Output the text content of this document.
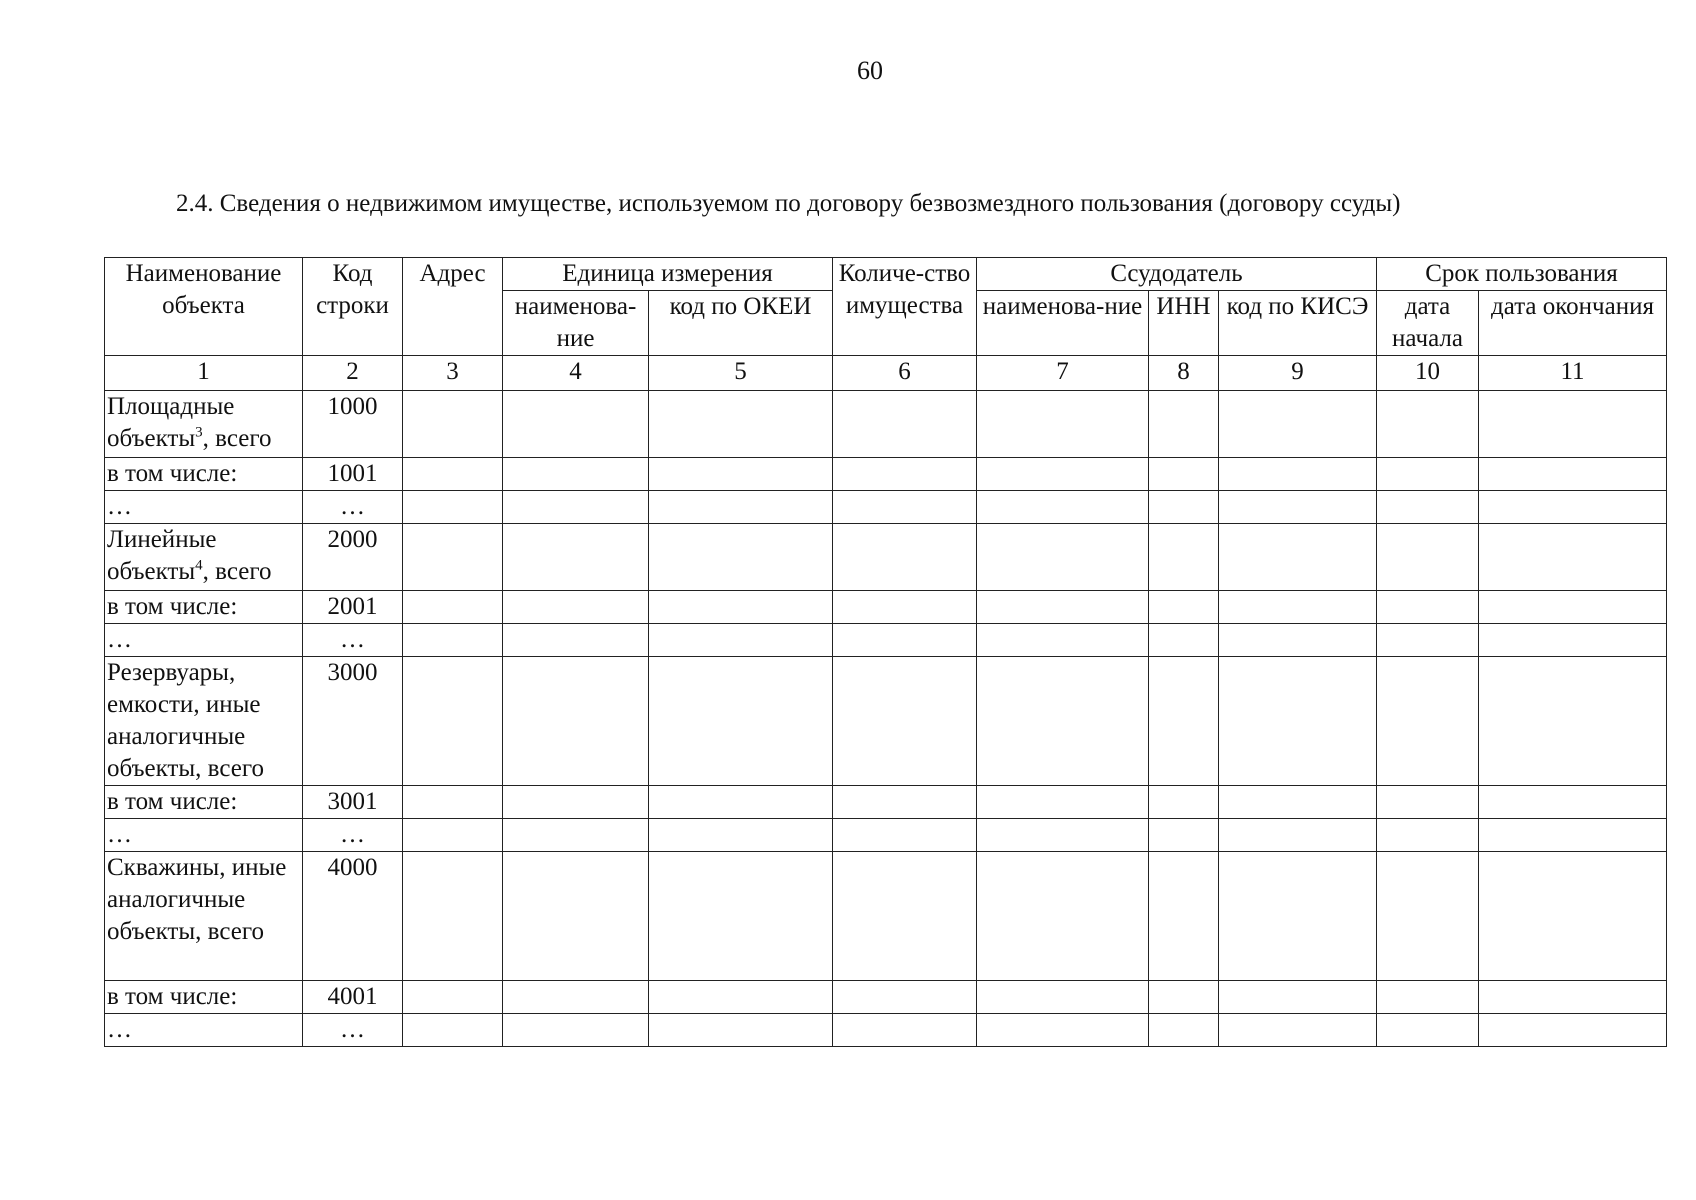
60
2.4. Сведения о недвижимом имуществе, используемом по договору безвозмездного пользования (договору ссуды)
Наименование объекта	Код строки	Адрес	Единица измерения		Количе-ство имущества	Ссудодатель			Срок пользования	
			наименова-ние	код по ОКЕИ		наименова-ние	ИНН	код по КИСЭ	дата начала	дата окончания
1	2	3	4	5	6	7	8	9	10	11
Площадные объекты$^3$, всего	1000									
в том числе:	1001									
…	…									
Линейные объекты$^4$, всего	2000									
в том числе:	2001									
…	…									
Резервуары, емкости, иные аналогичные объекты, всего	3000									
в том числе:	3001									
…	…									
Скважины, иные аналогичные объекты, всего	4000									
в том числе:	4001									
…	…									
